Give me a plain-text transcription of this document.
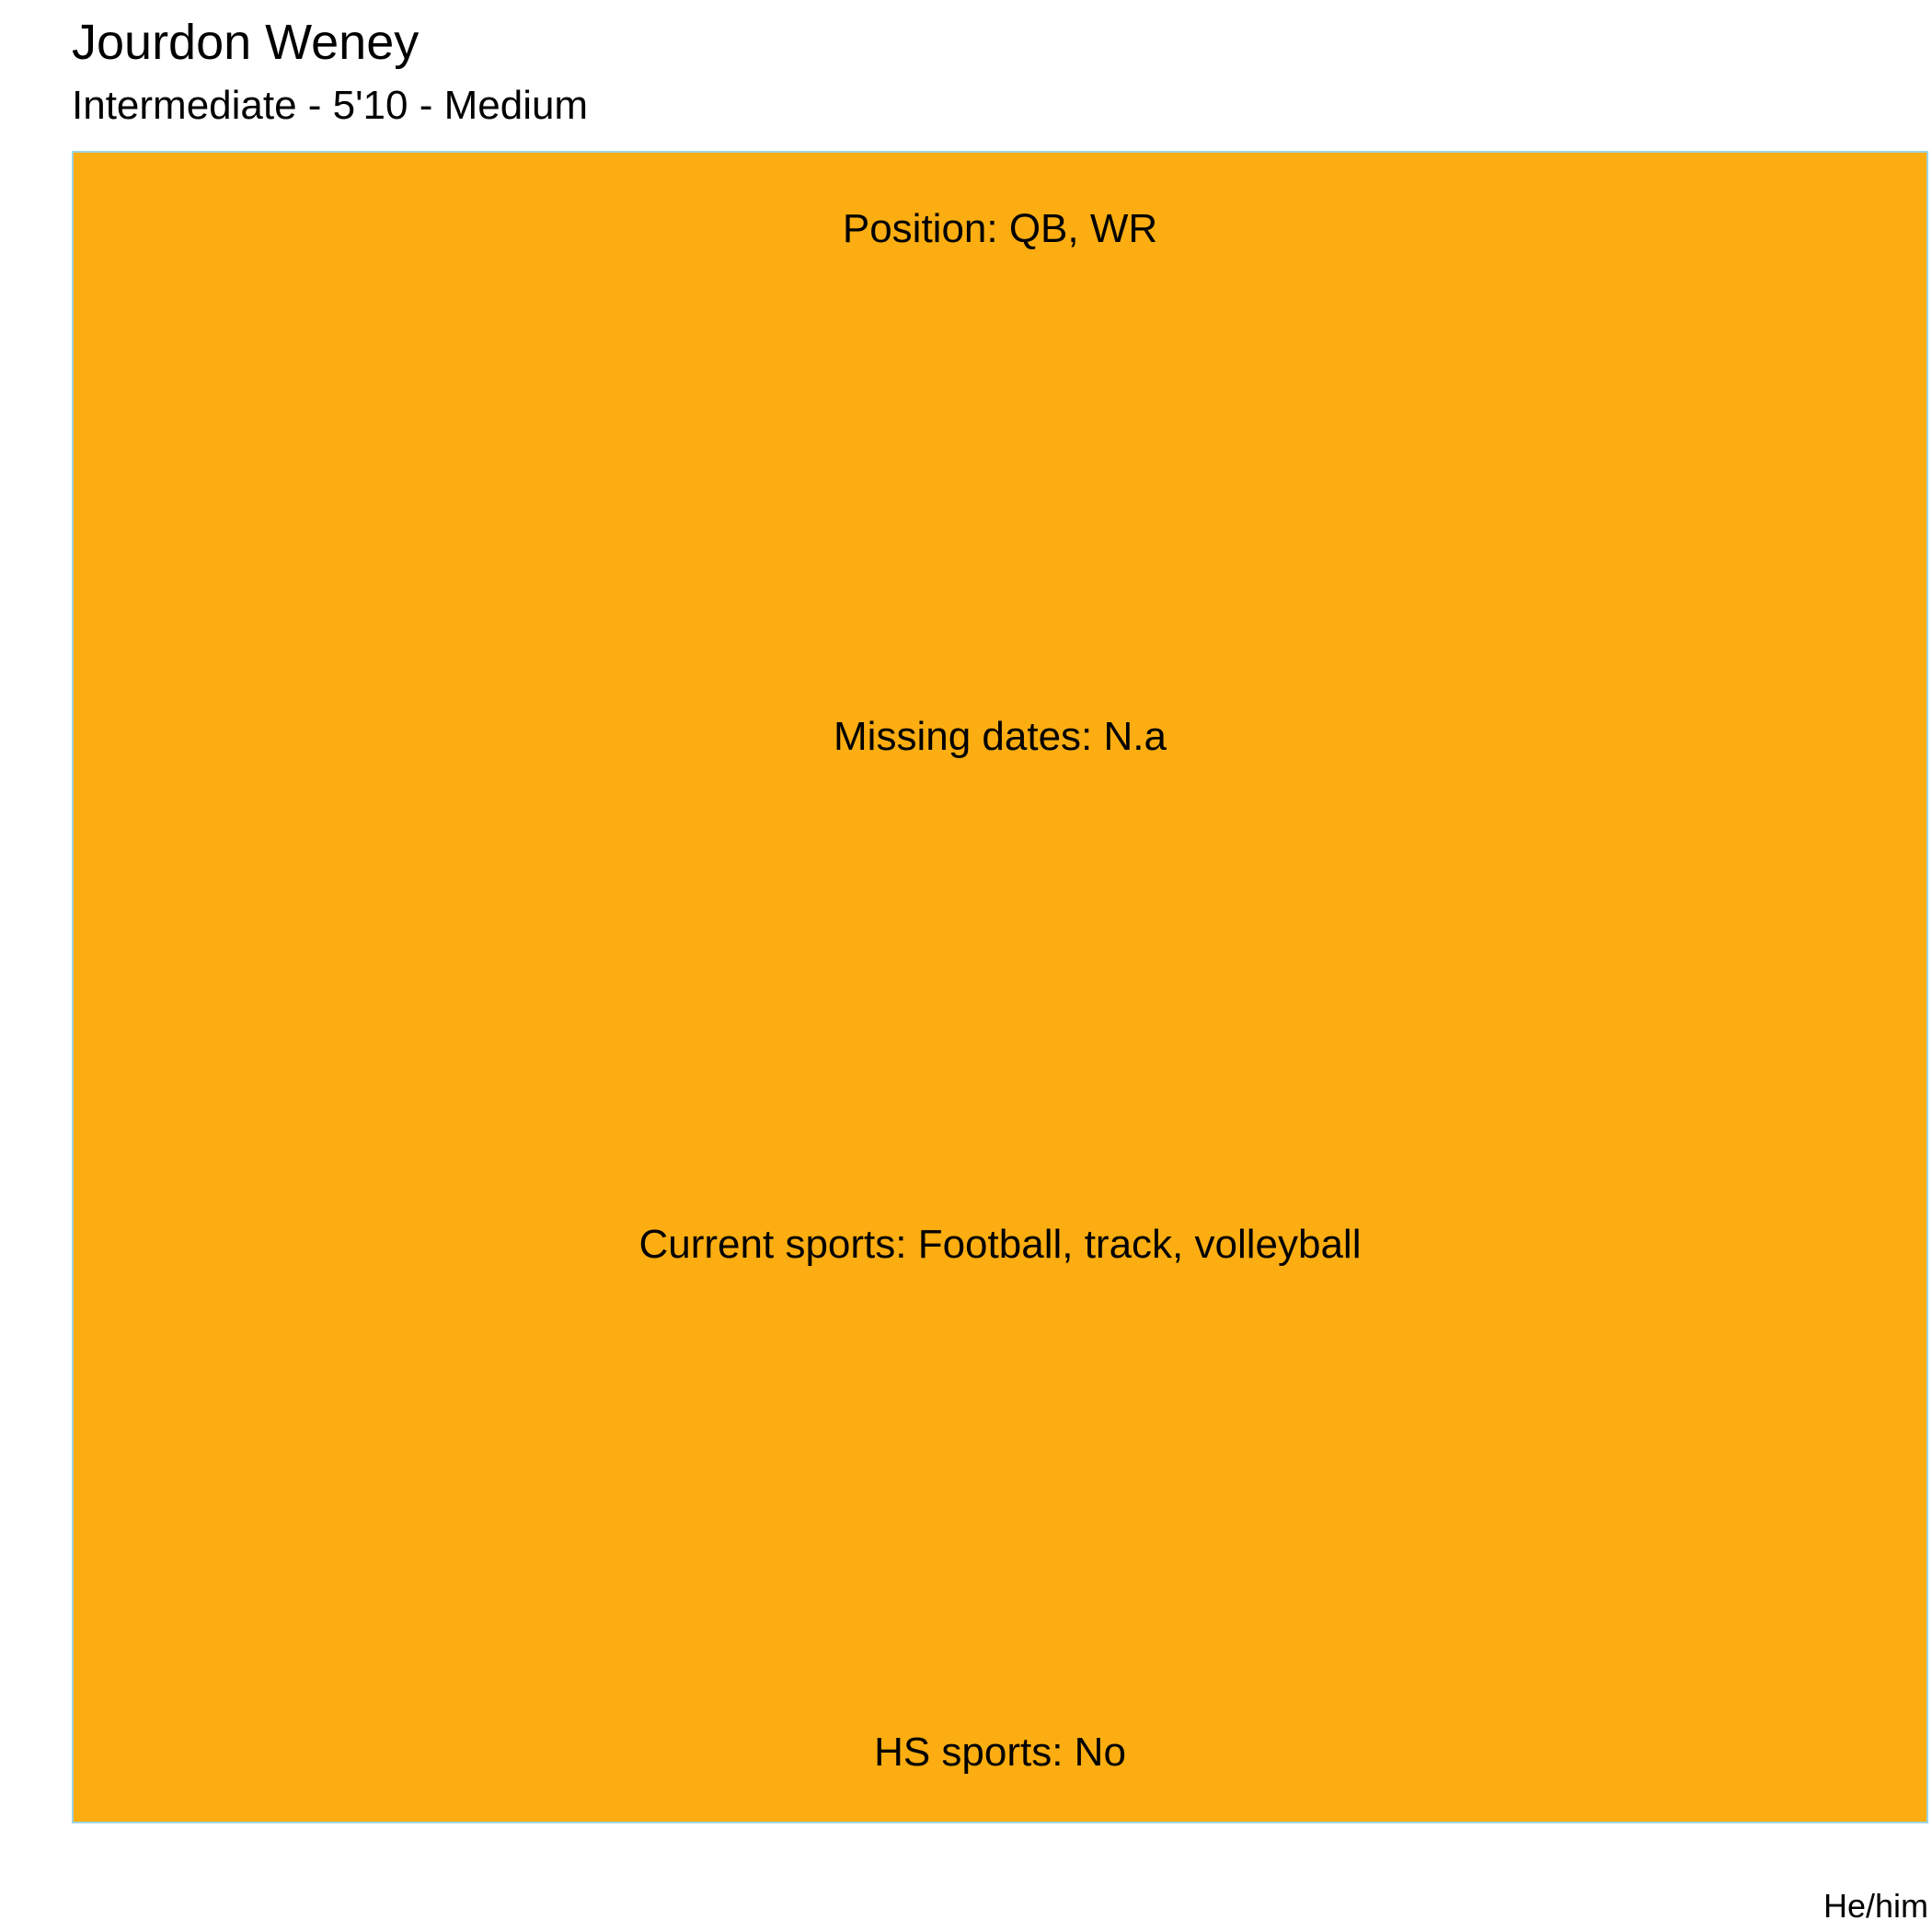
Jourdon Weney
Intermediate - 5'10 - Medium
Position: QB, WR
Missing dates: N.a
Current sports: Football, track, volleyball
HS sports: No
He/him
